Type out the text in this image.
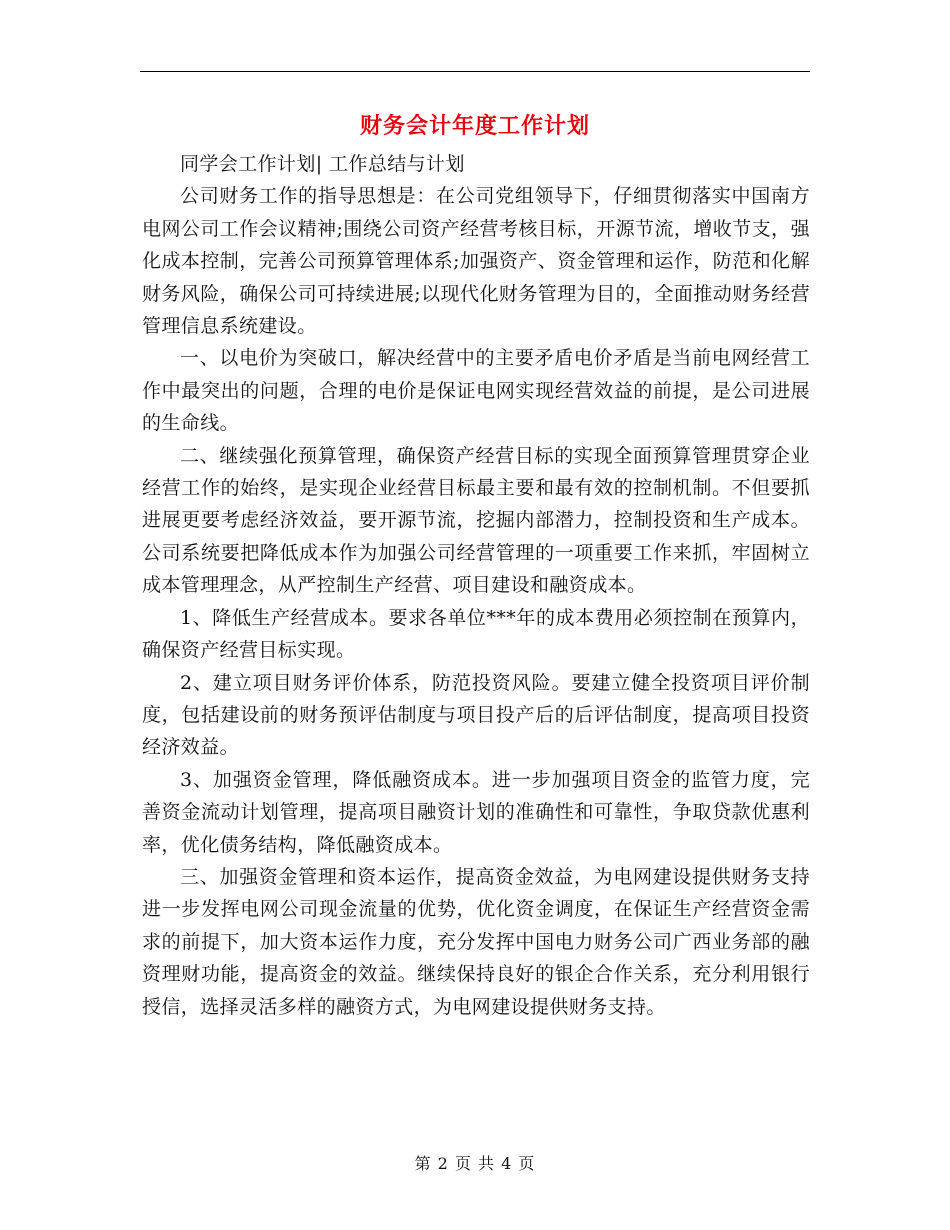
财务会计年度工作计划

同学会工作计划| 工作总结与计划

公司财务工作的指导思想是：在公司党组领导下，仔细贯彻落实中国南方电网公司工作会议精神;围绕公司资产经营考核目标，开源节流，增收节支，强化成本控制，完善公司预算管理体系;加强资产、资金管理和运作，防范和化解财务风险，确保公司可持续进展;以现代化财务管理为目的，全面推动财务经营管理信息系统建设。

一、以电价为突破口，解决经营中的主要矛盾电价矛盾是当前电网经营工作中最突出的问题，合理的电价是保证电网实现经营效益的前提，是公司进展的生命线。

二、继续强化预算管理，确保资产经营目标的实现全面预算管理贯穿企业经营工作的始终，是实现企业经营目标最主要和最有效的控制机制。不但要抓进展更要考虑经济效益，要开源节流，挖掘内部潜力，控制投资和生产成本。公司系统要把降低成本作为加强公司经营管理的一项重要工作来抓，牢固树立成本管理理念，从严控制生产经营、项目建设和融资成本。

1、降低生产经营成本。要求各单位***年的成本费用必须控制在预算内，确保资产经营目标实现。

2、建立项目财务评价体系，防范投资风险。要建立健全投资项目评价制度，包括建设前的财务预评估制度与项目投产后的后评估制度，提高项目投资经济效益。

3、加强资金管理，降低融资成本。进一步加强项目资金的监管力度，完善资金流动计划管理，提高项目融资计划的准确性和可靠性，争取贷款优惠利率，优化债务结构，降低融资成本。

三、加强资金管理和资本运作，提高资金效益，为电网建设提供财务支持进一步发挥电网公司现金流量的优势，优化资金调度，在保证生产经营资金需求的前提下，加大资本运作力度，充分发挥中国电力财务公司广西业务部的融资理财功能，提高资金的效益。继续保持良好的银企合作关系，充分利用银行授信，选择灵活多样的融资方式，为电网建设提供财务支持。

第 2 页 共 4 页
